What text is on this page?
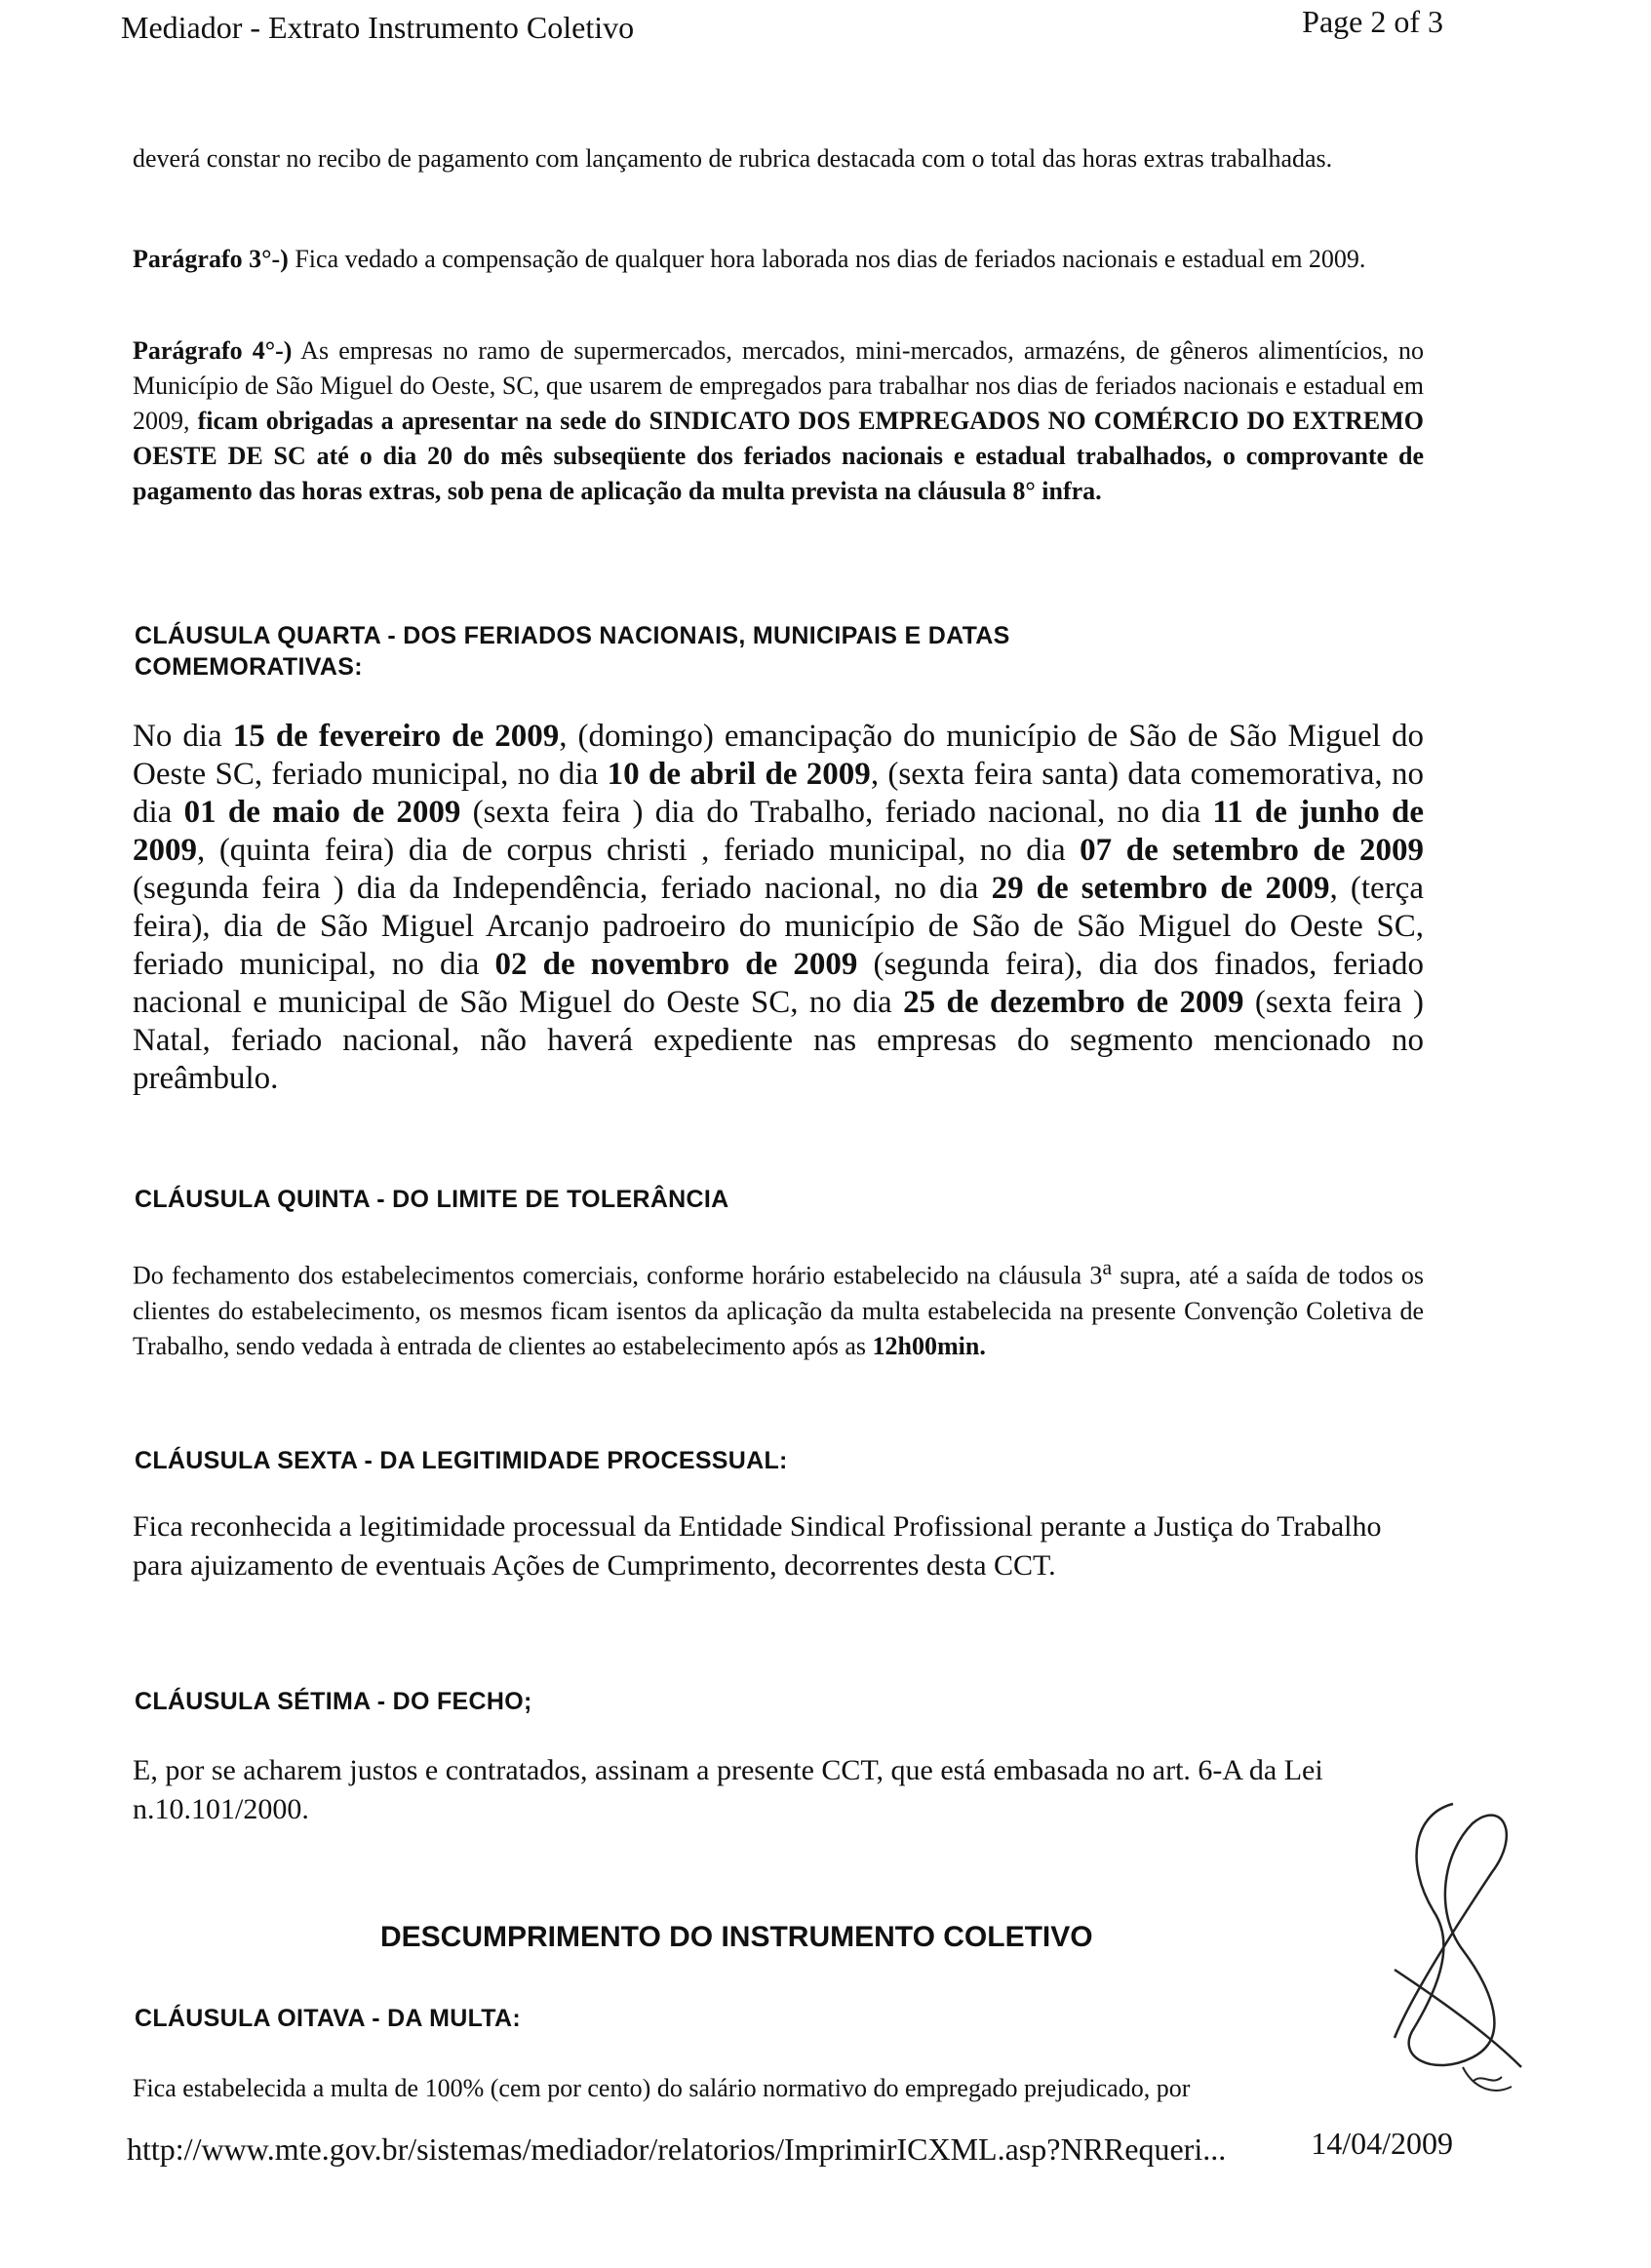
Mediador - Extrato Instrumento Coletivo	Page 2 of 3

deverá constar no recibo de pagamento com lançamento de rubrica destacada com o total das horas extras trabalhadas.

Parágrafo 3°-) Fica vedado a compensação de qualquer hora laborada nos dias de feriados nacionais e estadual em 2009.

Parágrafo 4°-) As empresas no ramo de supermercados, mercados, mini-mercados, armazéns, de gêneros alimentícios, no Município de São Miguel do Oeste, SC, que usarem de empregados para trabalhar nos dias de feriados nacionais e estadual em 2009, ficam obrigadas a apresentar na sede do SINDICATO DOS EMPREGADOS NO COMÉRCIO DO EXTREMO OESTE DE SC até o dia 20 do mês subseqüente dos feriados nacionais e estadual trabalhados, o comprovante de pagamento das horas extras, sob pena de aplicação da multa prevista na cláusula 8° infra.

CLÁUSULA QUARTA - DOS FERIADOS NACIONAIS, MUNICIPAIS E DATAS
COMEMORATIVAS:

No dia 15 de fevereiro de 2009, (domingo) emancipação do município de São de São Miguel do Oeste SC, feriado municipal, no dia 10 de abril de 2009, (sexta feira santa) data comemorativa, no dia 01 de maio de 2009 (sexta feira ) dia do Trabalho, feriado nacional, no dia 11 de junho de 2009, (quinta feira) dia de corpus christi , feriado municipal, no dia 07 de setembro de 2009 (segunda feira ) dia da Independência, feriado nacional, no dia 29 de setembro de 2009, (terça feira), dia de São Miguel Arcanjo padroeiro do município de São de São Miguel do Oeste SC, feriado municipal, no dia 02 de novembro de 2009 (segunda feira), dia dos finados, feriado nacional e municipal de São Miguel do Oeste SC, no dia 25 de dezembro de 2009 (sexta feira ) Natal, feriado nacional, não haverá expediente nas empresas do segmento mencionado no preâmbulo.

CLÁUSULA QUINTA - DO LIMITE DE TOLERÂNCIA

Do fechamento dos estabelecimentos comerciais, conforme horário estabelecido na cláusula 3$^a$ supra, até a saída de todos os clientes do estabelecimento, os mesmos ficam isentos da aplicação da multa estabelecida na presente Convenção Coletiva de Trabalho, sendo vedada à entrada de clientes ao estabelecimento após as 12h00min.

CLÁUSULA SEXTA - DA LEGITIMIDADE PROCESSUAL:

Fica reconhecida a legitimidade processual da Entidade Sindical Profissional perante a Justiça do Trabalho para ajuizamento de eventuais Ações de Cumprimento, decorrentes desta CCT.

CLÁUSULA SÉTIMA - DO FECHO;

E, por se acharem justos e contratados, assinam a presente CCT, que está embasada no art. 6-A da Lei n.10.101/2000.

DESCUMPRIMENTO DO INSTRUMENTO COLETIVO
CLÁUSULA OITAVA - DA MULTA:

Fica estabelecida a multa de 100% (cem por cento) do salário normativo do empregado prejudicado, por

http://www.mte.gov.br/sistemas/mediador/relatorios/ImprimirICXML.asp?NRRequeri...	14/04/2009
